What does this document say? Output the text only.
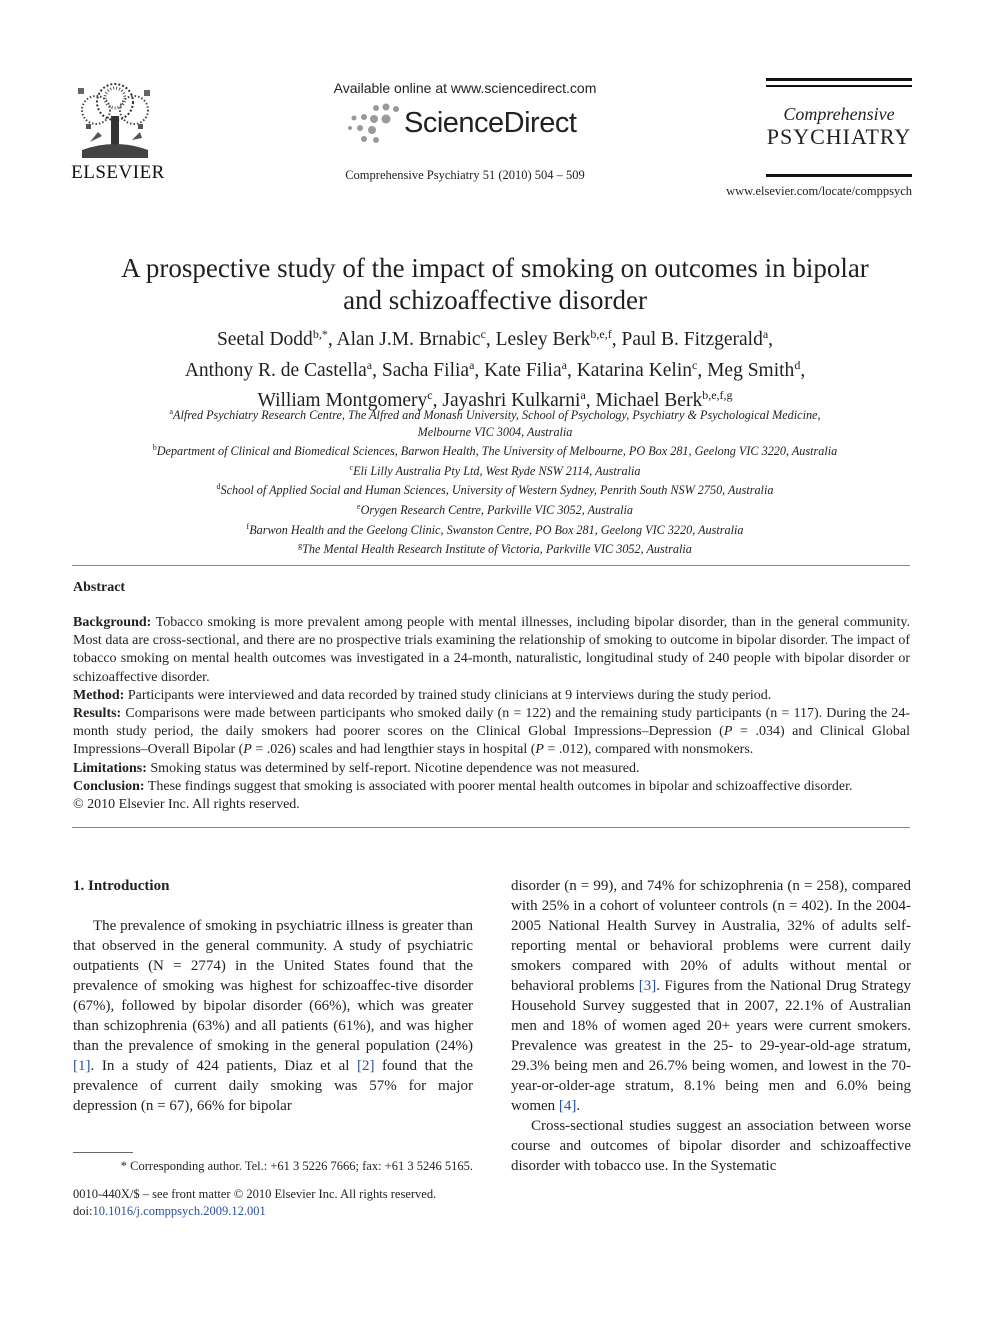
ELSEVIER
Available online at www.sciencedirect.com
ScienceDirect
Comprehensive Psychiatry 51 (2010) 504 – 509
Comprehensive
PSYCHIATRY
www.elsevier.com/locate/comppsych
A prospective study of the impact of smoking on outcomes in bipolar
and schizoaffective disorder
Seetal Dodd$^{b,*}$, Alan J.M. Brnabic$^c$, Lesley Berk$^{b,e,f}$, Paul B. Fitzgerald$^a$,
Anthony R. de Castella$^a$, Sacha Filia$^a$, Kate Filia$^a$, Katarina Kelin$^c$, Meg Smith$^d$,
William Montgomery$^c$, Jayashri Kulkarni$^a$, Michael Berk$^{b,e,f,g}$
$^a$Alfred Psychiatry Research Centre, The Alfred and Monash University, School of Psychology, Psychiatry & Psychological Medicine,
Melbourne VIC 3004, Australia
$^b$Department of Clinical and Biomedical Sciences, Barwon Health, The University of Melbourne, PO Box 281, Geelong VIC 3220, Australia
$^c$Eli Lilly Australia Pty Ltd, West Ryde NSW 2114, Australia
$^d$School of Applied Social and Human Sciences, University of Western Sydney, Penrith South NSW 2750, Australia
$^e$Orygen Research Centre, Parkville VIC 3052, Australia
$^f$Barwon Health and the Geelong Clinic, Swanston Centre, PO Box 281, Geelong VIC 3220, Australia
$^g$The Mental Health Research Institute of Victoria, Parkville VIC 3052, Australia
Abstract

Background: Tobacco smoking is more prevalent among people with mental illnesses, including bipolar disorder, than in the general community. Most data are cross-sectional, and there are no prospective trials examining the relationship of smoking to outcome in bipolar disorder. The impact of tobacco smoking on mental health outcomes was investigated in a 24-month, naturalistic, longitudinal study of 240 people with bipolar disorder or schizoaffective disorder.

Method: Participants were interviewed and data recorded by trained study clinicians at 9 interviews during the study period.

Results: Comparisons were made between participants who smoked daily (n = 122) and the remaining study participants (n = 117). During the 24-month study period, the daily smokers had poorer scores on the Clinical Global Impressions–Depression (P = .034) and Clinical Global Impressions–Overall Bipolar (P = .026) scales and had lengthier stays in hospital (P = .012), compared with nonsmokers.

Limitations: Smoking status was determined by self-report. Nicotine dependence was not measured.

Conclusion: These findings suggest that smoking is associated with poorer mental health outcomes in bipolar and schizoaffective disorder.

© 2010 Elsevier Inc. All rights reserved.

1. Introduction

The prevalence of smoking in psychiatric illness is greater than that observed in the general community. A study of psychiatric outpatients (N = 2774) in the United States found that the prevalence of smoking was highest for schizoaffec-tive disorder (67%), followed by bipolar disorder (66%), which was greater than schizophrenia (63%) and all patients (61%), and was higher than the prevalence of smoking in the general population (24%) [1]. In a study of 424 patients, Diaz et al [2] found that the prevalence of current daily smoking was 57% for major depression (n = 67), 66% for bipolar

disorder (n = 99), and 74% for schizophrenia (n = 258), compared with 25% in a cohort of volunteer controls (n = 402). In the 2004-2005 National Health Survey in Australia, 32% of adults self-reporting mental or behavioral problems were current daily smokers compared with 20% of adults without mental or behavioral problems [3]. Figures from the National Drug Strategy Household Survey suggested that in 2007, 22.1% of Australian men and 18% of women aged 20+ years were current smokers. Prevalence was greatest in the 25- to 29-year-old-age stratum, 29.3% being men and 26.7% being women, and lowest in the 70-year-or-older-age stratum, 8.1% being men and 6.0% being women [4].

Cross-sectional studies suggest an association between worse course and outcomes of bipolar disorder and schizoaffective disorder with tobacco use. In the Systematic

* Corresponding author. Tel.: +61 3 5226 7666; fax: +61 3 5246 5165.
0010-440X/$ – see front matter © 2010 Elsevier Inc. All rights reserved.
doi:10.1016/j.comppsych.2009.12.001
